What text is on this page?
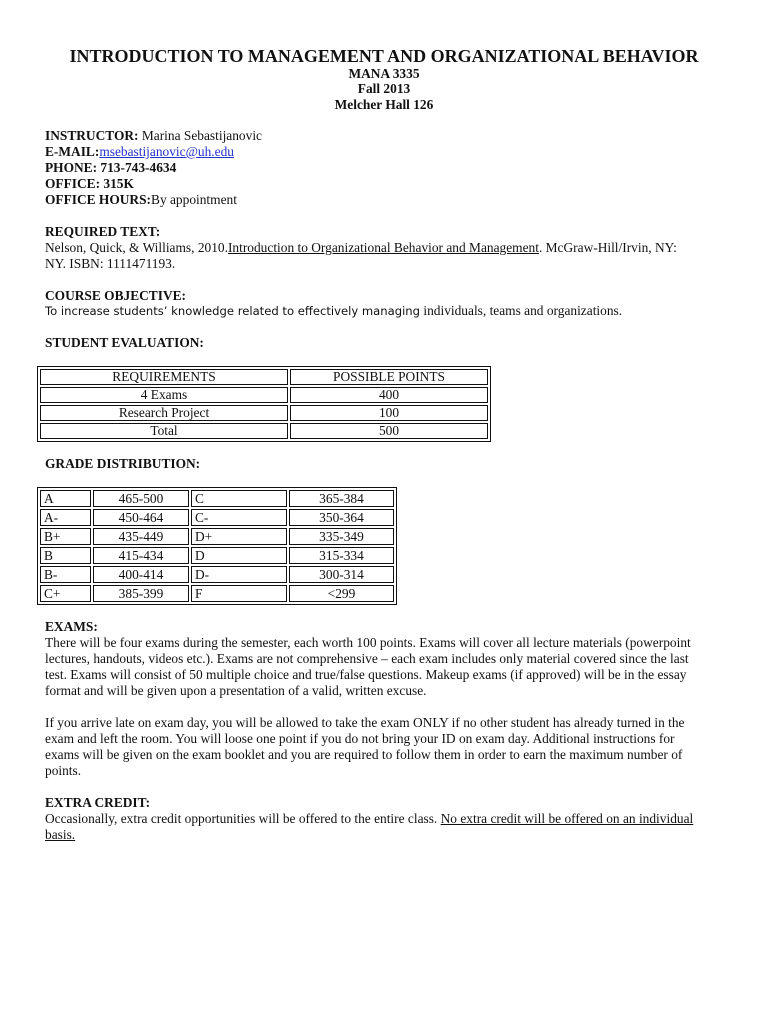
INTRODUCTION TO MANAGEMENT AND ORGANIZATIONAL BEHAVIOR
MANA 3335
Fall 2013
Melcher Hall 126
INSTRUCTOR: Marina Sebastijanovic
E-MAIL:msebastijanovic@uh.edu
PHONE: 713-743-4634
OFFICE: 315K
OFFICE HOURS:By appointment
REQUIRED TEXT:
Nelson, Quick, & Williams, 2010.Introduction to Organizational Behavior and Management. McGraw-Hill/Irvin, NY:
NY. ISBN: 1111471193.
COURSE OBJECTIVE:
To increase students’ knowledge related to effectively managing individuals, teams and organizations.
STUDENT EVALUATION:
REQUIREMENTS	POSSIBLE POINTS
4 Exams	400
Research Project	100
Total	500
GRADE DISTRIBUTION:
A	465-500	C	365-384
A-	450-464	C-	350-364
B+	435-449	D+	335-349
B	415-434	D	315-334
B-	400-414	D-	300-314
C+	385-399	F	<299
EXAMS:
There will be four exams during the semester, each worth 100 points. Exams will cover all lecture materials (powerpoint
lectures, handouts, videos etc.). Exams are not comprehensive – each exam includes only material covered since the last
test. Exams will consist of 50 multiple choice and true/false questions. Makeup exams (if approved) will be in the essay
format and will be given upon a presentation of a valid, written excuse.
If you arrive late on exam day, you will be allowed to take the exam ONLY if no other student has already turned in the
exam and left the room. You will loose one point if you do not bring your ID on exam day. Additional instructions for
exams will be given on the exam booklet and you are required to follow them in order to earn the maximum number of
points.
EXTRA CREDIT:
Occasionally, extra credit opportunities will be offered to the entire class. No extra credit will be offered on an individual
basis.
